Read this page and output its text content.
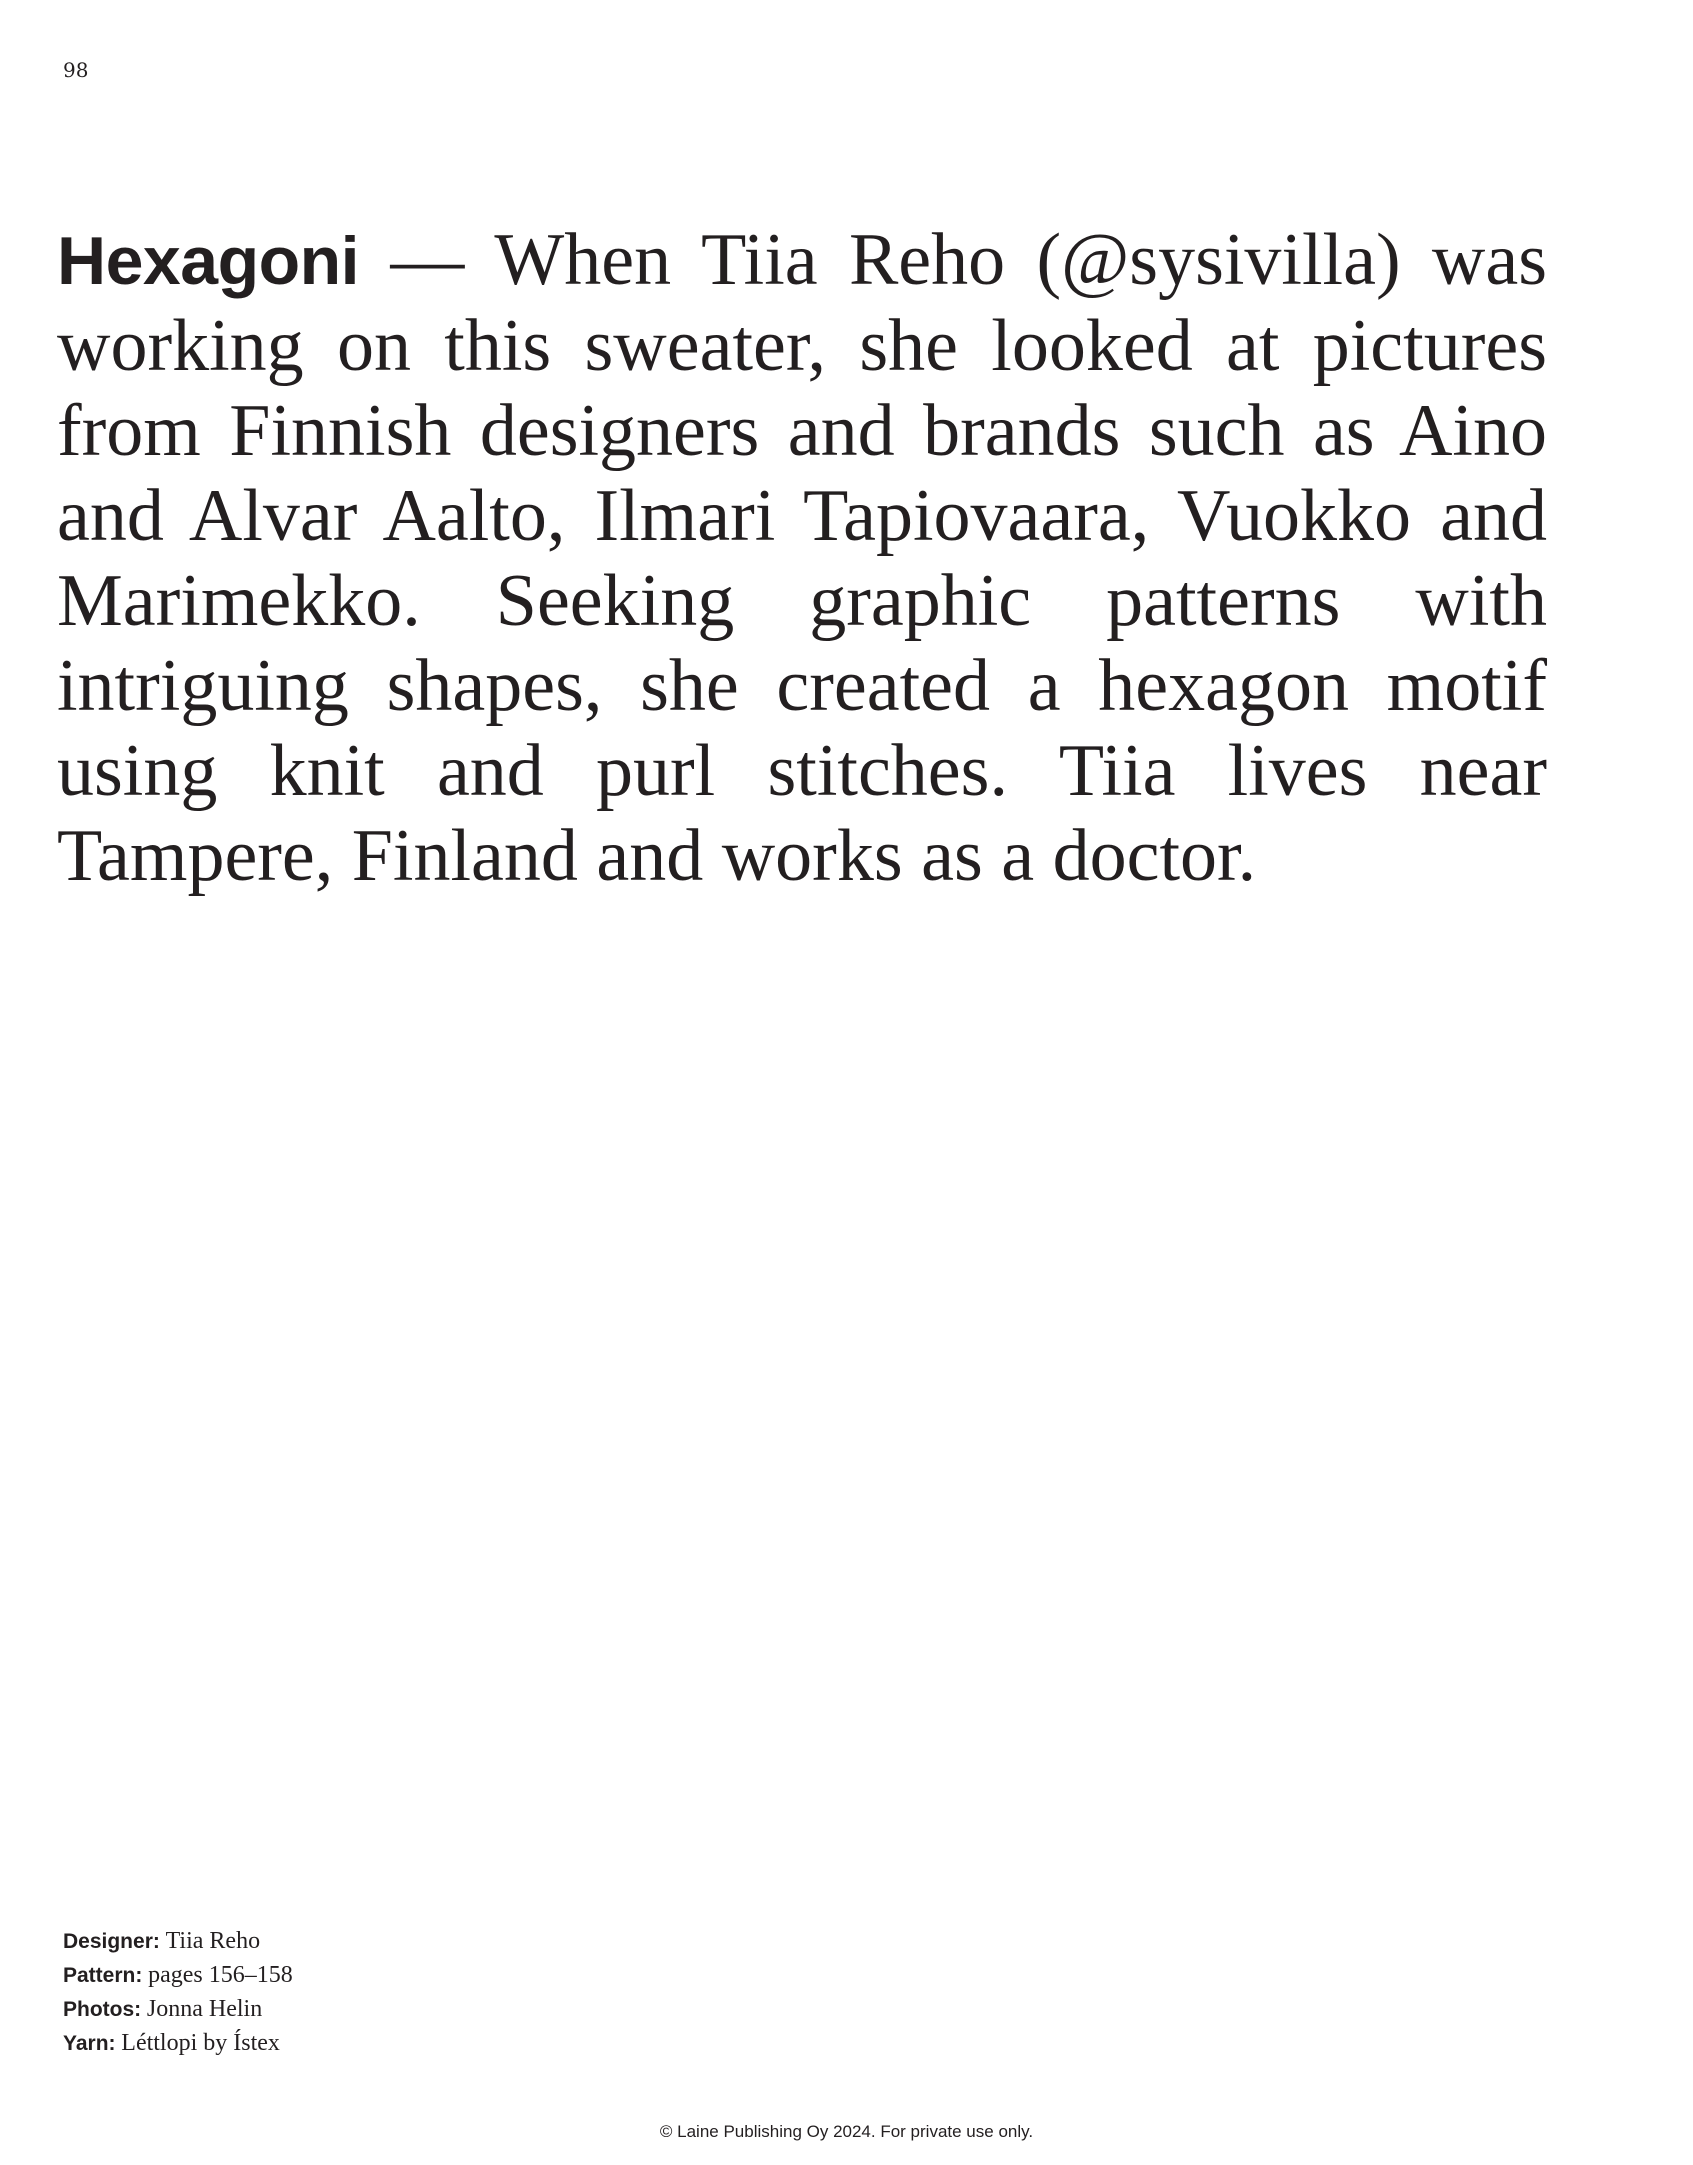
98

Hexagoni — When Tiia Reho (@sysivilla) was working on this sweater, she looked at pictures from Finnish designers and brands such as Aino and Alvar Aalto, Ilmari Tapiovaara, Vuokko and Marimekko. Seeking graphic patterns with intriguing shapes, she created a hexagon motif using knit and purl stitches. Tiia lives near Tampere, Finland and works as a doctor.

Designer: Tiia Reho
Pattern: pages 156–158
Photos: Jonna Helin
Yarn: Léttlopi by Ístex
© Laine Publishing Oy 2024. For private use only.
